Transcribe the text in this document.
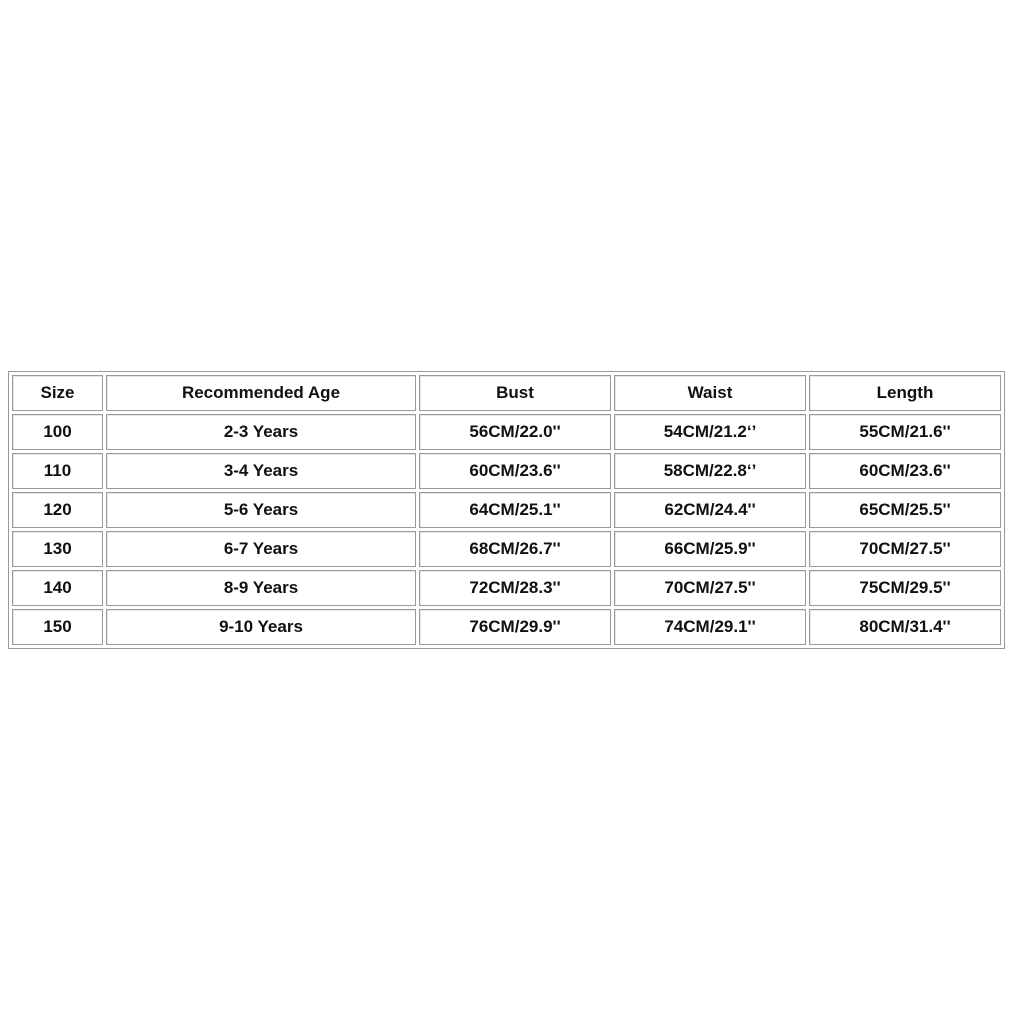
Size	Recommended Age	Bust	Waist	Length
100	2-3 Years	56CM/22.0''	54CM/21.2‘’	55CM/21.6''
110	3-4 Years	60CM/23.6''	58CM/22.8‘’	60CM/23.6''
120	5-6 Years	64CM/25.1''	62CM/24.4''	65CM/25.5''
130	6-7 Years	68CM/26.7''	66CM/25.9''	70CM/27.5''
140	8-9 Years	72CM/28.3''	70CM/27.5''	75CM/29.5''
150	9-10 Years	76CM/29.9''	74CM/29.1''	80CM/31.4''
